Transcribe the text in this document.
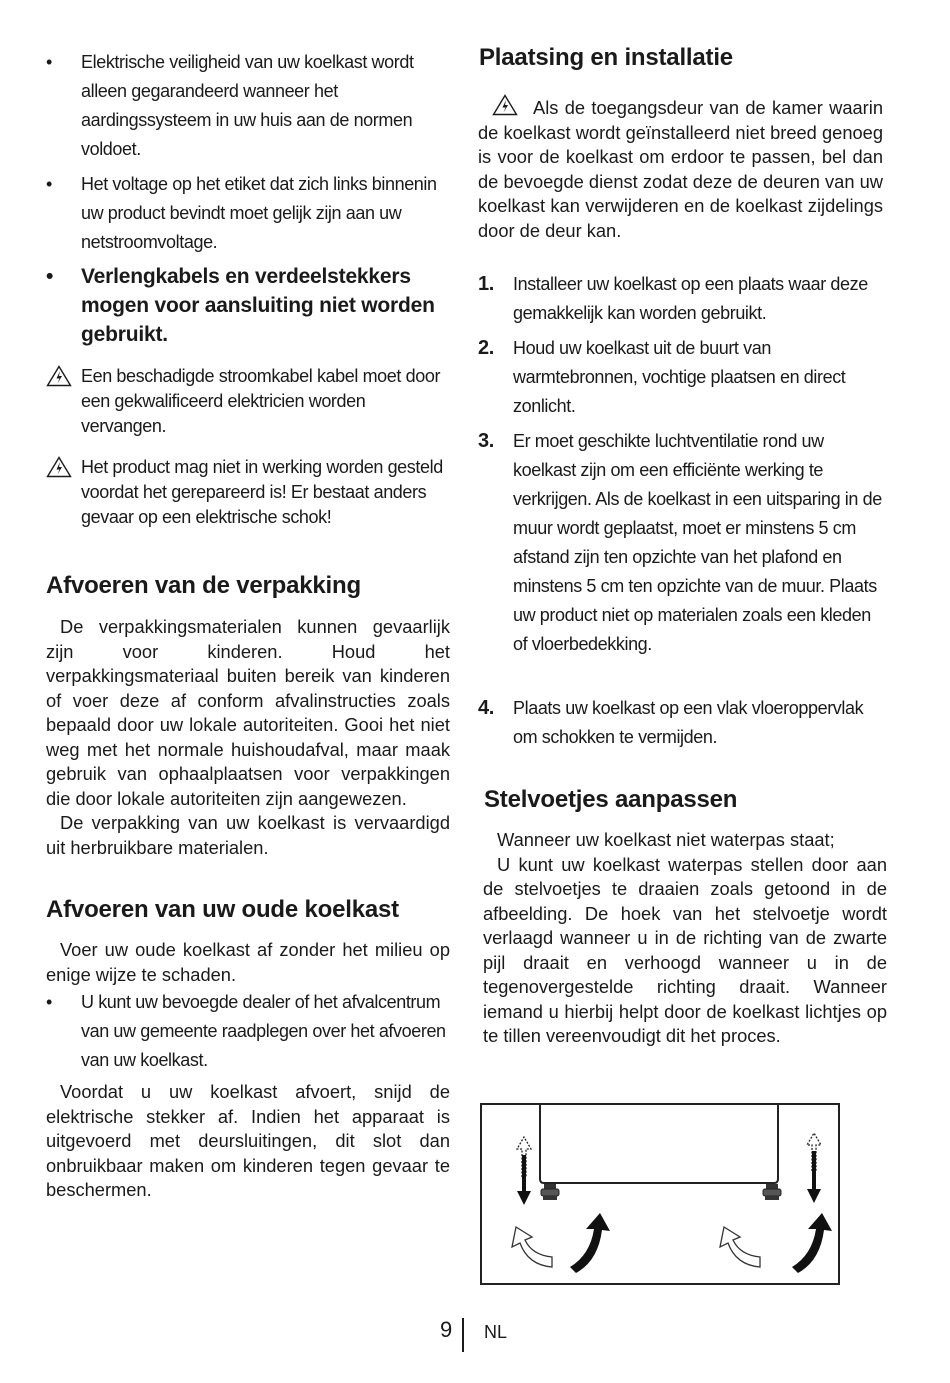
•	Elektrische veiligheid van uw koelkast wordt alleen gegarandeerd wanneer het aardingssysteem in uw huis aan de normen voldoet.
•	Het voltage op het etiket dat zich links binnenin uw product bevindt moet gelijk zijn aan uw netstroomvoltage.
•	Verlengkabels en verdeelstekkers mogen voor aansluiting niet worden gebruikt.
Een beschadigde stroomkabel kabel moet door een gekwalificeerd elektricien worden vervangen.
Het product mag niet in werking worden gesteld voordat het gerepareerd is! Er bestaat anders gevaar op een elektrische schok!
Afvoeren van de verpakking

De verpakkingsmaterialen kunnen gevaarlijk zijn voor kinderen. Houd het verpakkingsmateriaal buiten bereik van kinderen of voer deze af conform afvalinstructies zoals bepaald door uw lokale autoriteiten. Gooi het niet weg met het normale huishoudafval, maar maak gebruik van ophaalplaatsen voor verpakkingen die door lokale autoriteiten zijn aangewezen.

De verpakking van uw koelkast is vervaardigd uit herbruikbare materialen.

Afvoeren van uw oude koelkast

Voer uw oude koelkast af zonder het milieu op enige wijze te schaden.

•	U kunt uw bevoegde dealer of het afvalcentrum van uw gemeente raadplegen over het afvoeren van uw koelkast.

Voordat u uw koelkast afvoert, snijd de elektrische stekker af. Indien het apparaat is uitgevoerd met deursluitingen, dit slot dan onbruikbaar maken om kinderen tegen gevaar te beschermen.

Plaatsing en installatie

Als de toegangsdeur van de kamer waarin de koelkast wordt geïnstalleerd niet breed genoeg is voor de koelkast om erdoor te passen, bel dan de bevoegde dienst zodat deze de deuren van uw koelkast kan verwijderen en de koelkast zijdelings door de deur kan.

1. Installeer uw koelkast op een plaats waar deze gemakkelijk kan worden gebruikt.
2. Houd uw koelkast uit de buurt van warmtebronnen, vochtige plaatsen en direct zonlicht.
3. Er moet geschikte luchtventilatie rond uw koelkast zijn om een efficiënte werking te verkrijgen. Als de koelkast in een uitsparing in de muur wordt geplaatst, moet er minstens 5 cm afstand zijn ten opzichte van het plafond en minstens 5 cm ten opzichte van de muur. Plaats uw product niet op materialen zoals een kleden of vloerbedekking.
4. Plaats uw koelkast op een vlak vloeroppervlak om schokken te vermijden.
Stelvoetjes aanpassen

Wanneer uw koelkast niet waterpas staat;

U kunt uw koelkast waterpas stellen door aan de stelvoetjes te draaien zoals getoond in de afbeelding. De hoek van het stelvoetje wordt verlaagd wanneer u in de richting van de zwarte pijl draait en verhoogd wanneer u in de tegenovergestelde richting draait. Wanneer iemand u hierbij helpt door de koelkast lichtjes op te tillen vereenvoudigt dit het proces.

9 NL
